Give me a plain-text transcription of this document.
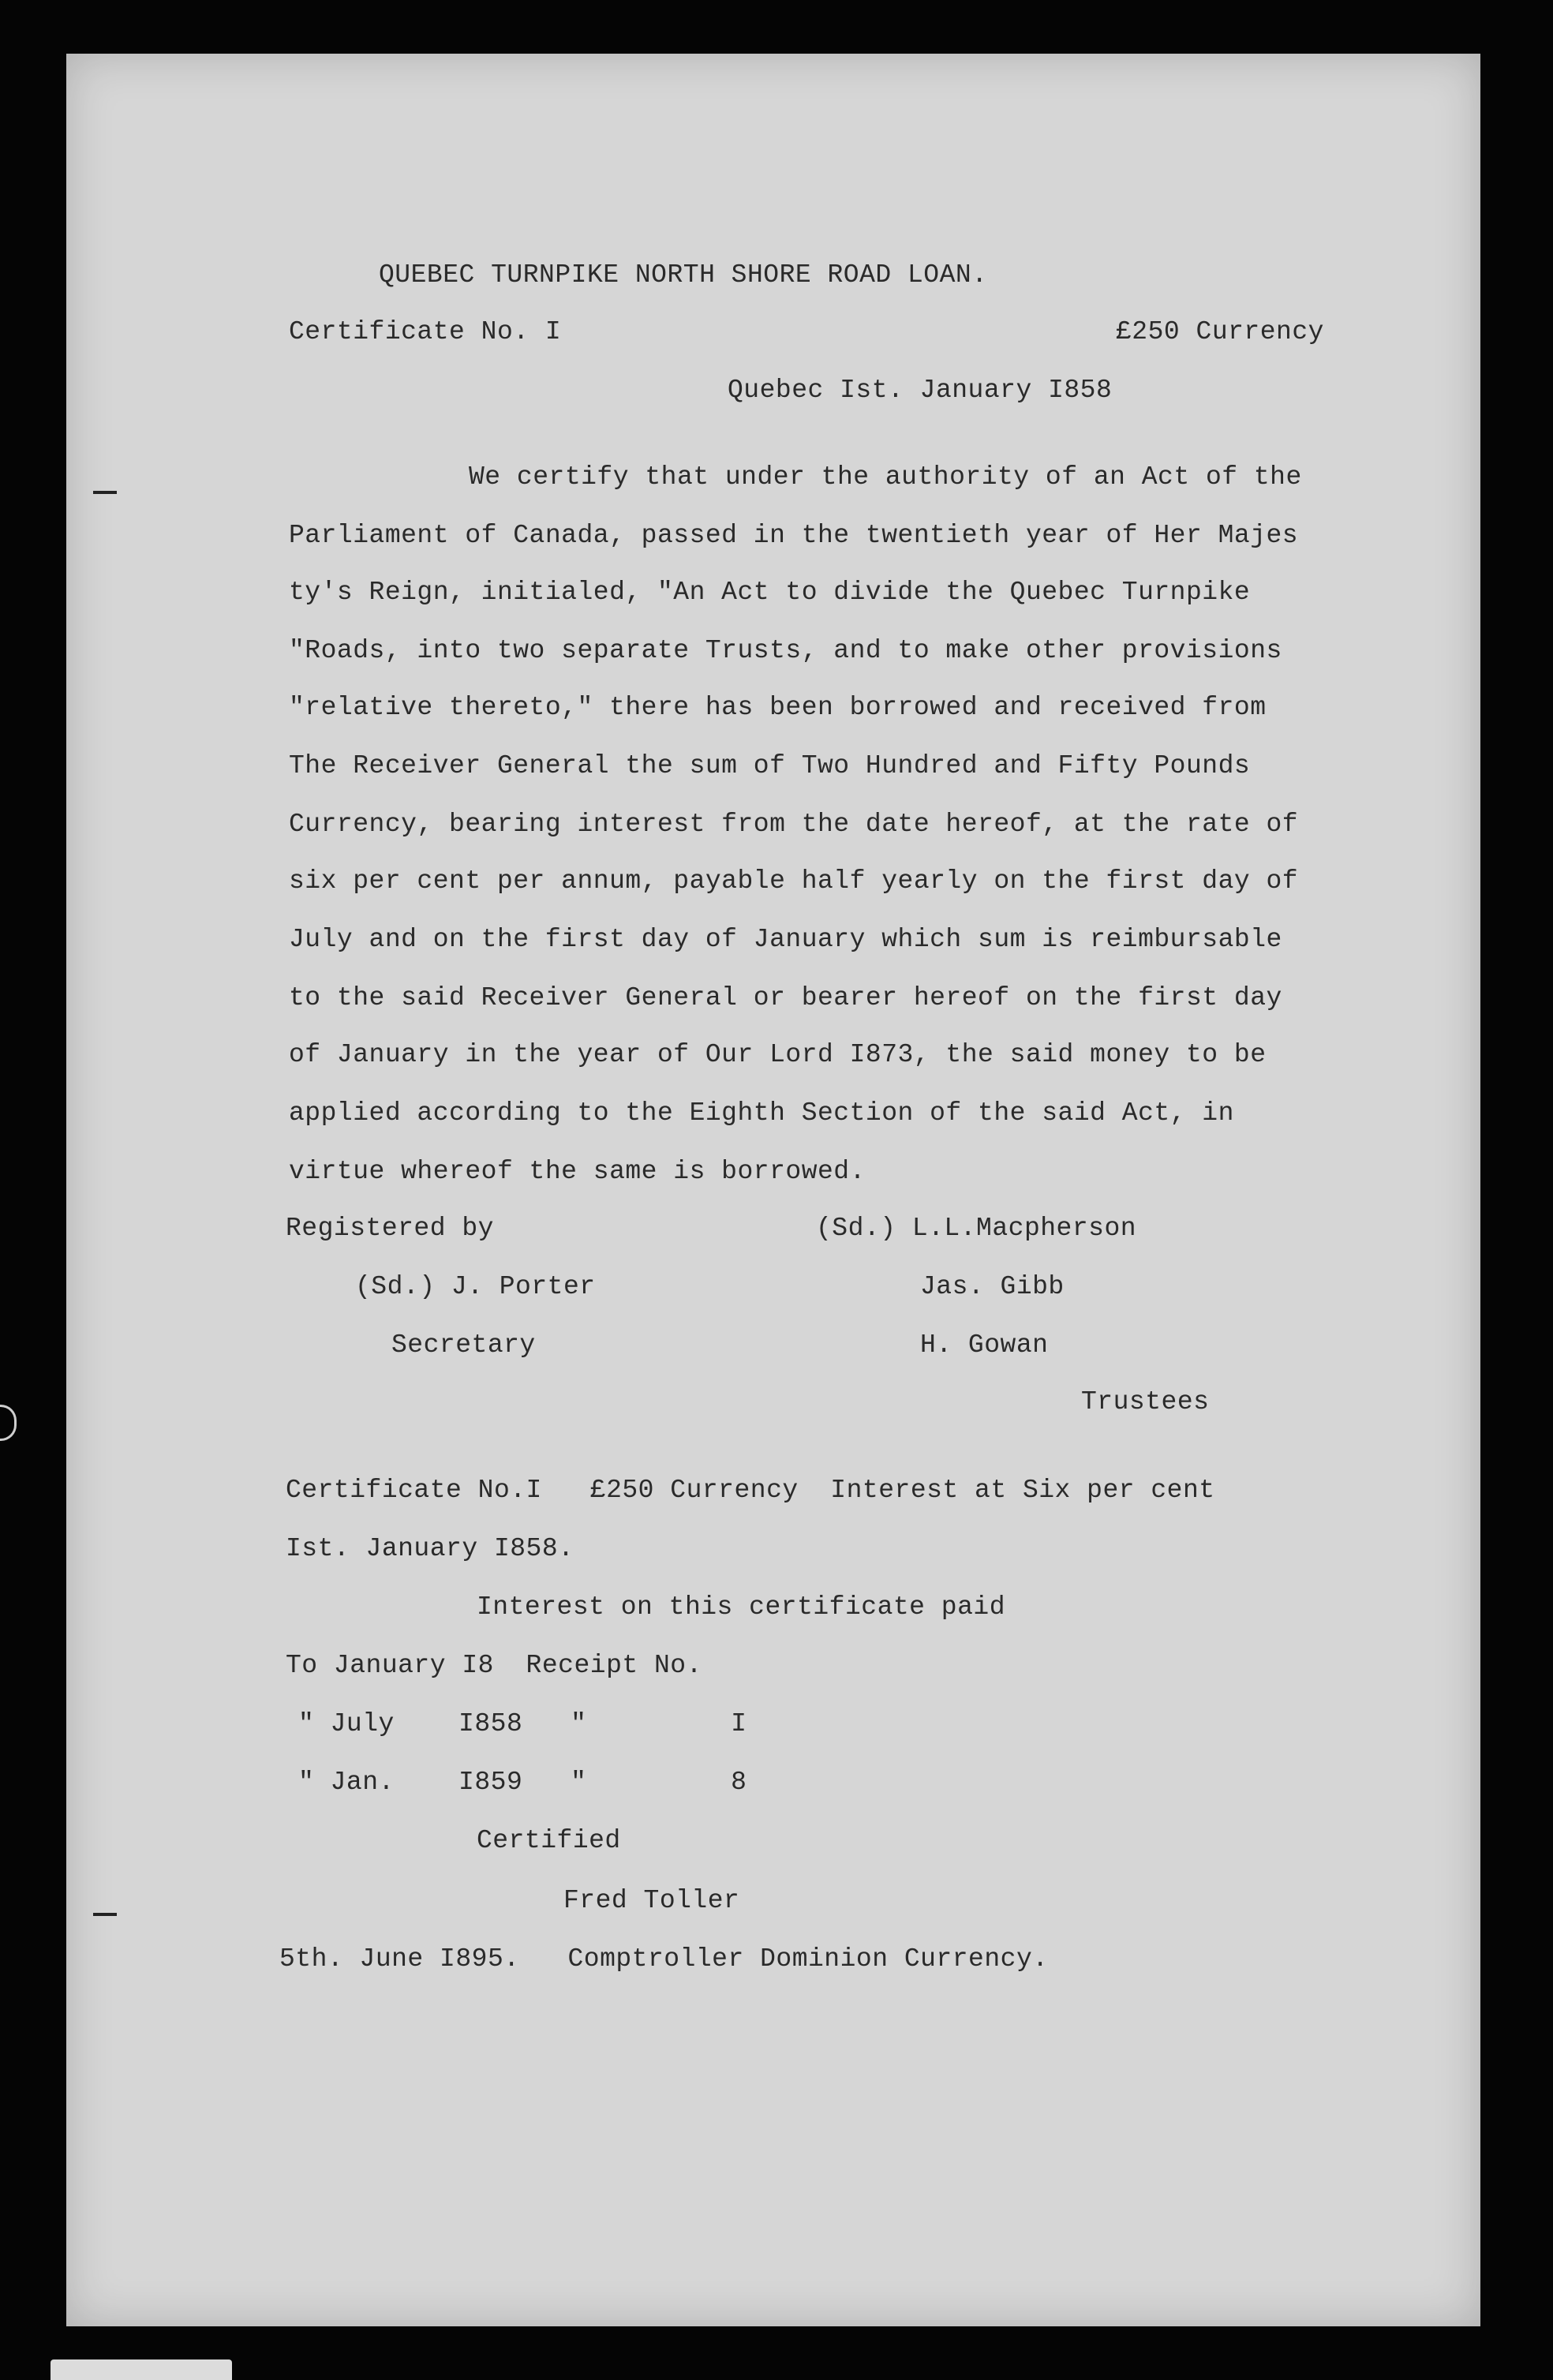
QUEBEC TURNPIKE NORTH SHORE ROAD LOAN.
Certificate No. I	£250 Currency
Quebec Ist. January I858
We certify that under the authority of an Act of the
Parliament of Canada, passed in the twentieth year of Her Majes
ty's Reign, initialed, "An Act to divide the Quebec Turnpike
"Roads, into two separate Trusts, and to make other provisions
"relative thereto," there has been borrowed and received from
The Receiver General the sum of Two Hundred and Fifty Pounds
Currency, bearing interest from the date hereof, at the rate of
six per cent per annum, payable half yearly on the first day of
July and on the first day of January which sum is reimbursable
to the said Receiver General or bearer hereof on the first day
of January in the year of Our Lord I873, the said money to be
applied according to the Eighth Section of the said Act, in
virtue whereof the same is borrowed.
Registered by	(Sd.) L.L.Macpherson
(Sd.) J. Porter	Jas. Gibb
Secretary	H. Gowan
Trustees
Certificate No.I   £250 Currency  Interest at Six per cent
Ist. January I858.
Interest on this certificate paid
To January I8  Receipt No.
" July    I858   "         I
" Jan.    I859   "         8
Certified
Fred Toller
5th. June I895.   Comptroller Dominion Currency.
